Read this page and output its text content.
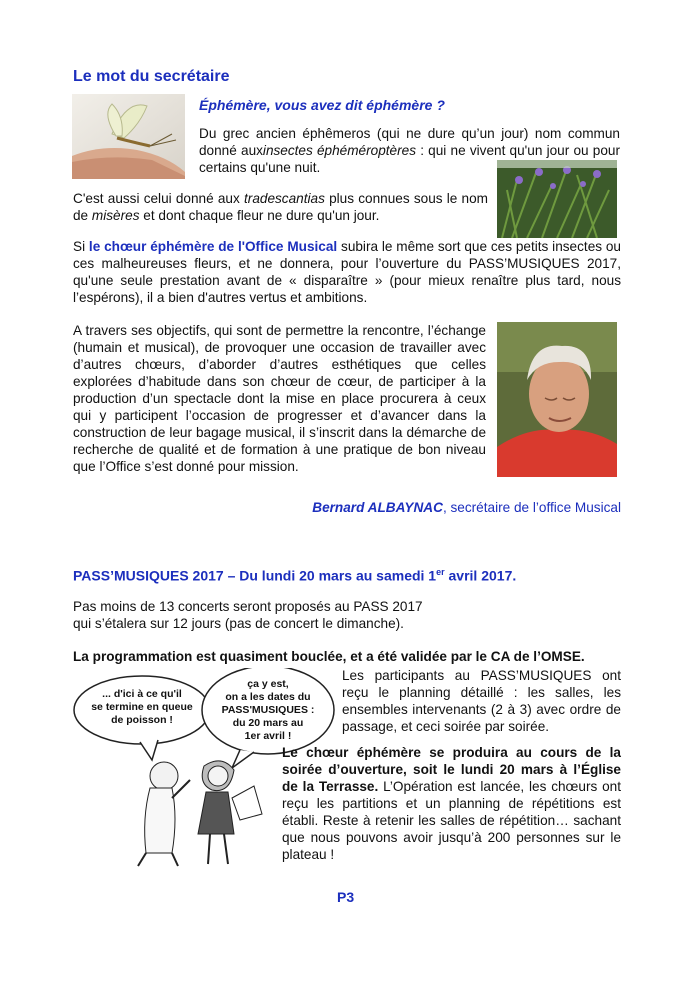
Le mot du secrétaire
Éphémère, vous avez dit éphémère ?
Du grec ancien éphêmeros (qui ne dure qu’un jour) nom commun donné auxinsectes éphéméroptères : qui ne vivent qu'un jour ou pour certains qu'une nuit.
C'est aussi celui donné aux tradescantias plus connues sous le nom de misères et dont chaque fleur ne dure qu'un jour.
Si le chœur éphémère de l'Office Musical subira le même sort que ces petits insectes ou ces malheureuses fleurs, et ne donnera, pour l’ouverture du PASS’MUSIQUES 2017, qu'une seule prestation avant de « disparaître » (pour mieux renaître plus tard, nous l’espérons), il a bien d'autres vertus et ambitions.
A travers ses objectifs, qui sont de permettre la rencontre, l’échange (humain et musical), de provoquer une occasion de travailler avec d’autres chœurs, d’aborder d’autres esthétiques que celles explorées d’habitude dans son chœur de cœur, de participer à la production d’un spectacle dont la mise en place procurera à ceux qui y participent l’occasion de progresser et d’avancer dans la construction de leur bagage musical, il s’inscrit dans la démarche de recherche de qualité et de formation à une pratique de bon niveau que l’Office s’est donné pour mission.
Bernard ALBAYNAC, secrétaire de l’office Musical
PASS’MUSIQUES 2017 – Du lundi 20 mars au samedi 1er avril 2017.
Pas moins de 13 concerts seront proposés au PASS 2017
qui s’étalera sur 12 jours (pas de concert le dimanche).
La programmation est quasiment bouclée, et a été validée par le CA de l’OMSE.
... d'ici à ce qu'il
se termine en queue
de poisson !
ça y est,
on a les dates du
PASS'MUSIQUES :
du 20 mars au
1er avril !
Les participants au PASS’MUSIQUES ont reçu le planning détaillé : les salles, les ensembles intervenants (2 à 3) avec ordre de passage, et ceci soirée par soirée.
Le chœur éphémère se produira au cours de la soirée d’ouverture, soit le lundi 20 mars à l’Église de la Terrasse. L’Opération est lancée, les chœurs ont reçu les partitions et un planning de répétitions est établi. Reste à retenir les salles de répétition… sachant que nous pouvons avoir jusqu’à 200 personnes sur le plateau !
P3
